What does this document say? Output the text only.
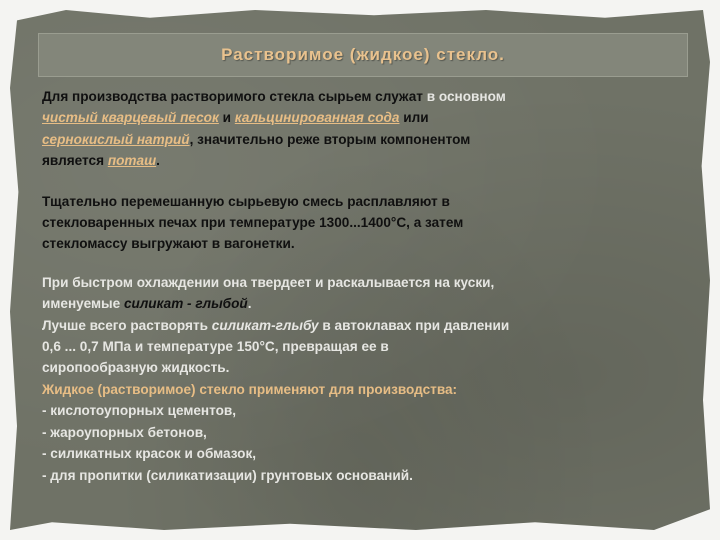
Растворимое (жидкое) стекло.

Для производства растворимого стекла сырьем служат в основном
чистый кварцевый песок и кальцинированная сода или
сернокислый натрий, значительно реже вторым компонентом
является поташ.

Тщательно перемешанную сырьевую смесь расплавляют в
стекловаренных печах при температуре 1300...1400°С, а затем
стекломассу выгружают в вагонетки.

При быстром охлаждении она твердеет и раскалывается на куски,
именуемые силикат - глыбой.
Лучше всего растворять силикат-глыбу в автоклавах при давлении
0,6 ... 0,7 МПа и температуре 150°С, превращая ее в
сиропообразную жидкость.

Жидкое (растворимое) стекло применяют для производства:
- кислотоупорных цементов,
- жароупорных бетонов,
- силикатных красок и обмазок,
- для пропитки (силикатизации) грунтовых оснований.
